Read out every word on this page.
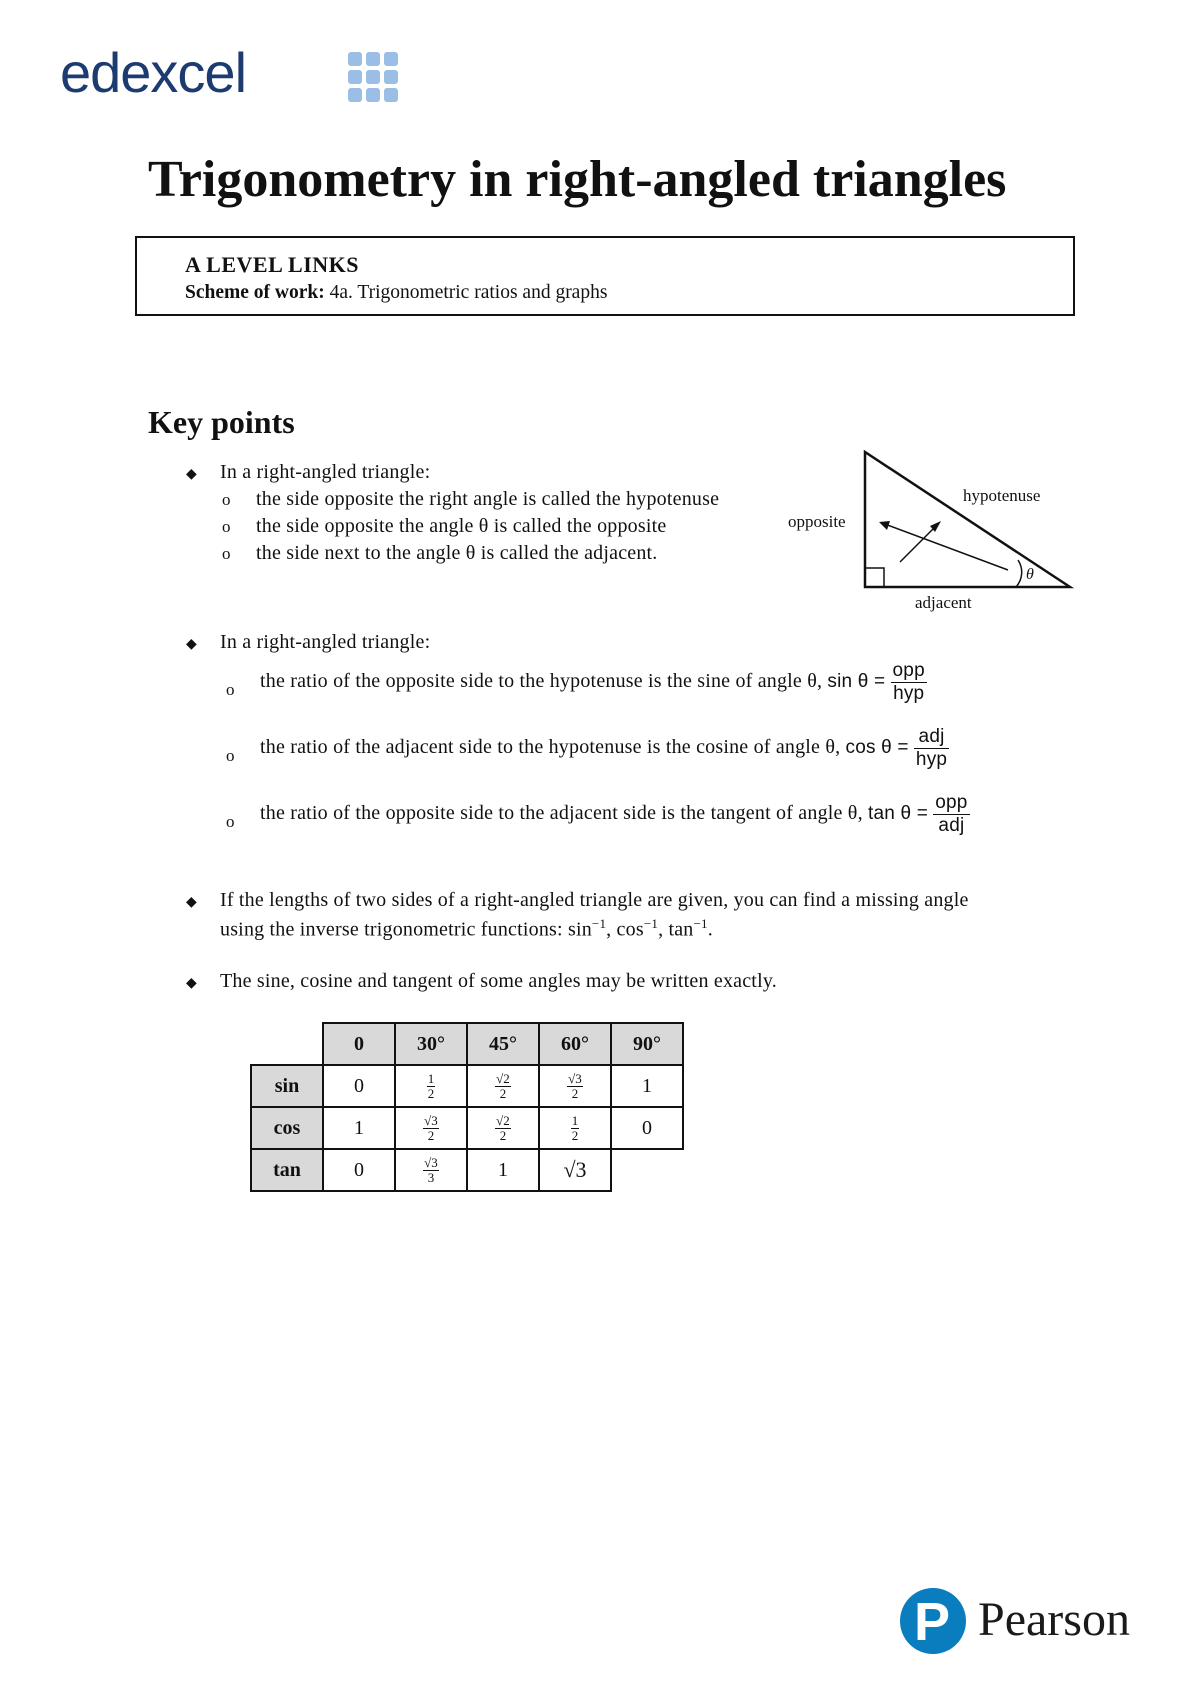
edexcel
Trigonometry in right-angled triangles
A LEVEL LINKS
Scheme of work: 4a. Trigonometric ratios and graphs
Key points
◆ In a right-angled triangle:
o the side opposite the right angle is called the hypotenuse
o the side opposite the angle θ is called the opposite
o the side next to the angle θ is called the adjacent.
hypotenuse
opposite
adjacent
θ
◆ In a right-angled triangle:
o the ratio of the opposite side to the hypotenuse is the sine of angle θ, $\sin \theta = \frac{\text{opp}}{\text{hyp}}$
o the ratio of the adjacent side to the hypotenuse is the cosine of angle θ, $\cos \theta = \frac{\text{adj}}{\text{hyp}}$
o the ratio of the opposite side to the adjacent side is the tangent of angle θ, $\tan \theta = \frac{\text{opp}}{\text{adj}}$
◆ If the lengths of two sides of a right-angled triangle are given, you can find a missing angle
using the inverse trigonometric functions: $\sin^{-1}$, $\cos^{-1}$, $\tan^{-1}$.
◆ The sine, cosine and tangent of some angles may be written exactly.
	0	30°	45°	60°	90°
sin	0	$\frac{1}{2}$	$\frac{√2}{2}$	$\frac{√3}{2}$	1
cos	1	$\frac{√3}{2}$	$\frac{√2}{2}$	$\frac{1}{2}$	0
tan	0	$\frac{√3}{3}$	1	√3	
P Pearson
